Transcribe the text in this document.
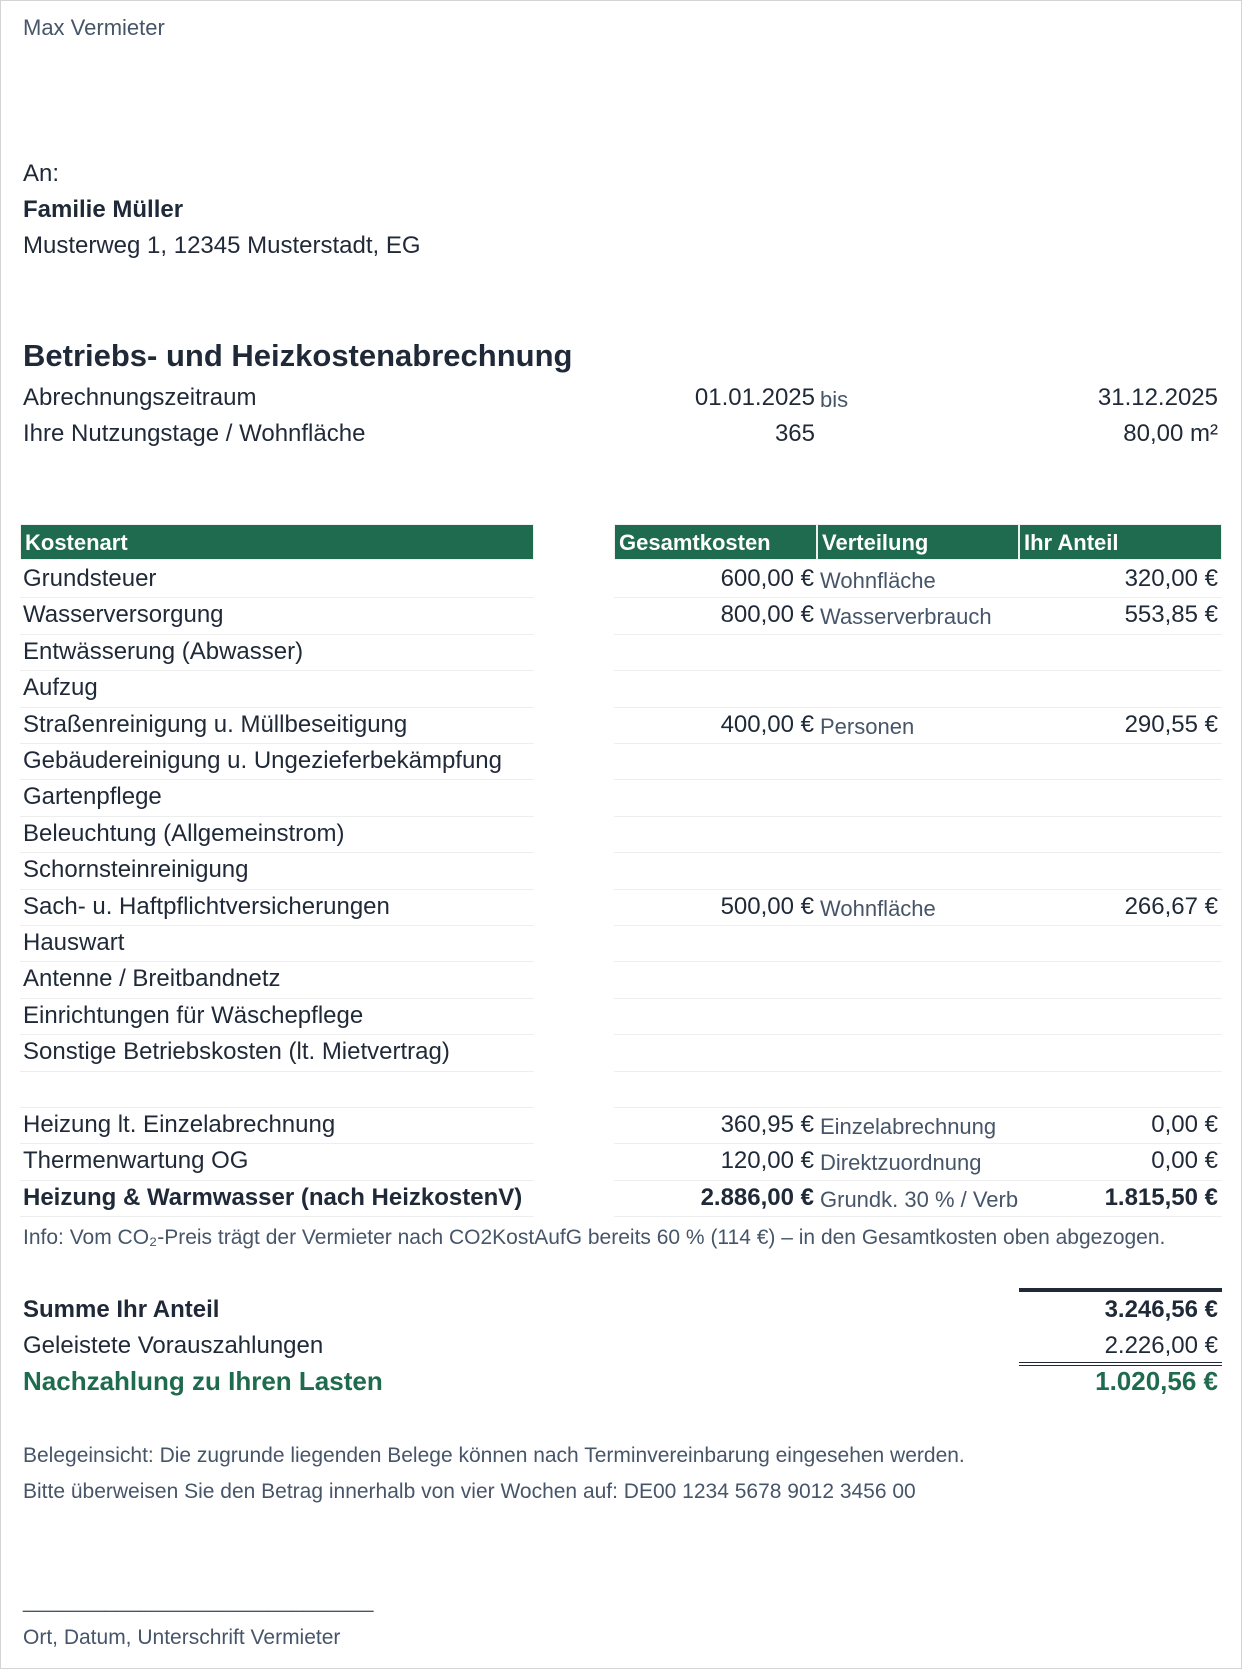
Max Vermieter
An:
Familie Müller
Musterweg 1, 12345 Musterstadt, EG
Betriebs- und Heizkostenabrechnung
Abrechnungszeitraum	01.01.2025 bis	31.12.2025
Ihre Nutzungstage / Wohnfläche	365	80,00 m²
Kostenart	Gesamtkosten	Verteilung	Ihr Anteil
Grundsteuer	600,00 € Wohnfläche	320,00 €
Wasserversorgung	800,00 € Wasserverbrauch	553,85 €
Entwässerung (Abwasser)
Aufzug
Straßenreinigung u. Müllbeseitigung	400,00 € Personen	290,55 €
Gebäudereinigung u. Ungezieferbekämpfung
Gartenpflege
Beleuchtung (Allgemeinstrom)
Schornsteinreinigung
Sach- u. Haftpflichtversicherungen	500,00 € Wohnfläche	266,67 €
Hauswart
Antenne / Breitbandnetz
Einrichtungen für Wäschepflege
Sonstige Betriebskosten (lt. Mietvertrag)
Heizung lt. Einzelabrechnung	360,95 € Einzelabrechnung	0,00 €
Thermenwartung OG	120,00 € Direktzuordnung	0,00 €
Heizung & Warmwasser (nach HeizkostenV)	2.886,00 € Grundk. 30 % / Verb	1.815,50 €
Info: Vom CO₂-Preis trägt der Vermieter nach CO2KostAufG bereits 60 % (114 €) – in den Gesamtkosten oben abgezogen.
Summe Ihr Anteil	3.246,56 €
Geleistete Vorauszahlungen	2.226,00 €
Nachzahlung zu Ihren Lasten	1.020,56 €
Belegeinsicht: Die zugrunde liegenden Belege können nach Terminvereinbarung eingesehen werden.
Bitte überweisen Sie den Betrag innerhalb von vier Wochen auf: DE00 1234 5678 9012 3456 00
______________________________
Ort, Datum, Unterschrift Vermieter
